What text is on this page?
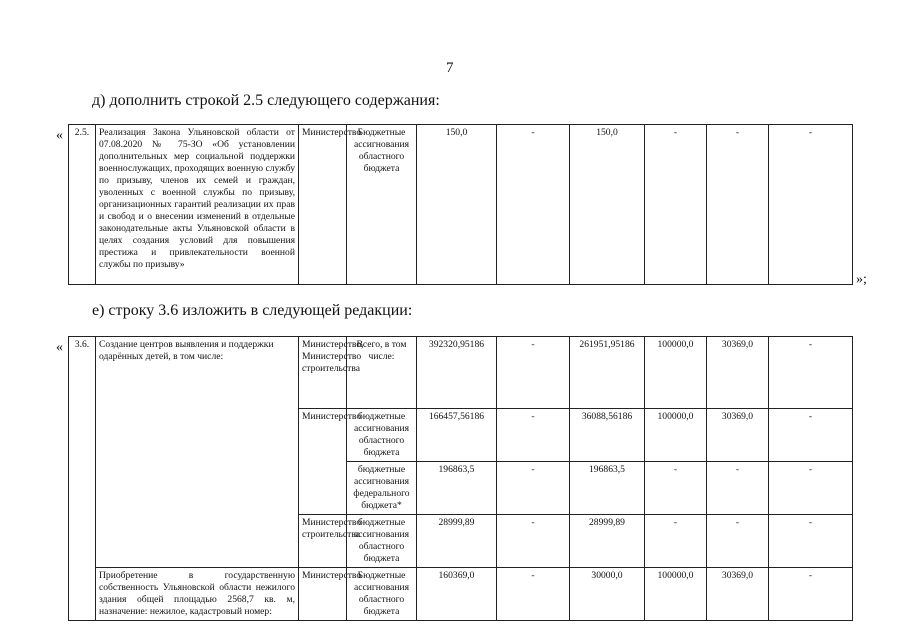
7
д) дополнить строкой 2.5 следующего содержания:
« 2.5.	Реализация Закона Ульяновской области от 07.08.2020 № 75-ЗО «Об установлении дополнительных мер социальной поддержки военнослужащих, проходящих военную службу по призыву, членов их семей и граждан, уволенных с военной службы по призыву, организационных гарантий реализации их прав и свобод и о внесении изменений в отдельные законодательные акты Ульяновской области в целях создания условий для повышения престижа и привлекательности военной службы по призыву»	Министерство	Бюджетные ассигнования областного бюджета	150,0	-	150,0	-	-	-
»;
е) строку 3.6 изложить в следующей редакции:
« 3.6.	Создание центров выявления и поддержки одарённых детей, в том числе:	Министерство, Министерство строительства	Всего, в том числе:	392320,95186	-	261951,95186	100000,0	30369,0	-
		Министерство	бюджетные ассигнования областного бюджета	166457,56186	-	36088,56186	100000,0	30369,0	-
			бюджетные ассигнования федерального бюджета*	196863,5	-	196863,5	-	-	-
		Министерство строительства	бюджетные ассигнования областного бюджета	28999,89	-	28999,89	-	-	-
	Приобретение в государственную собственность Ульяновской области нежилого здания общей площадью 2568,7 кв. м, назначение: нежилое, кадастровый номер:	Министерство	Бюджетные ассигнования областного бюджета	160369,0	-	30000,0	100000,0	30369,0	-
